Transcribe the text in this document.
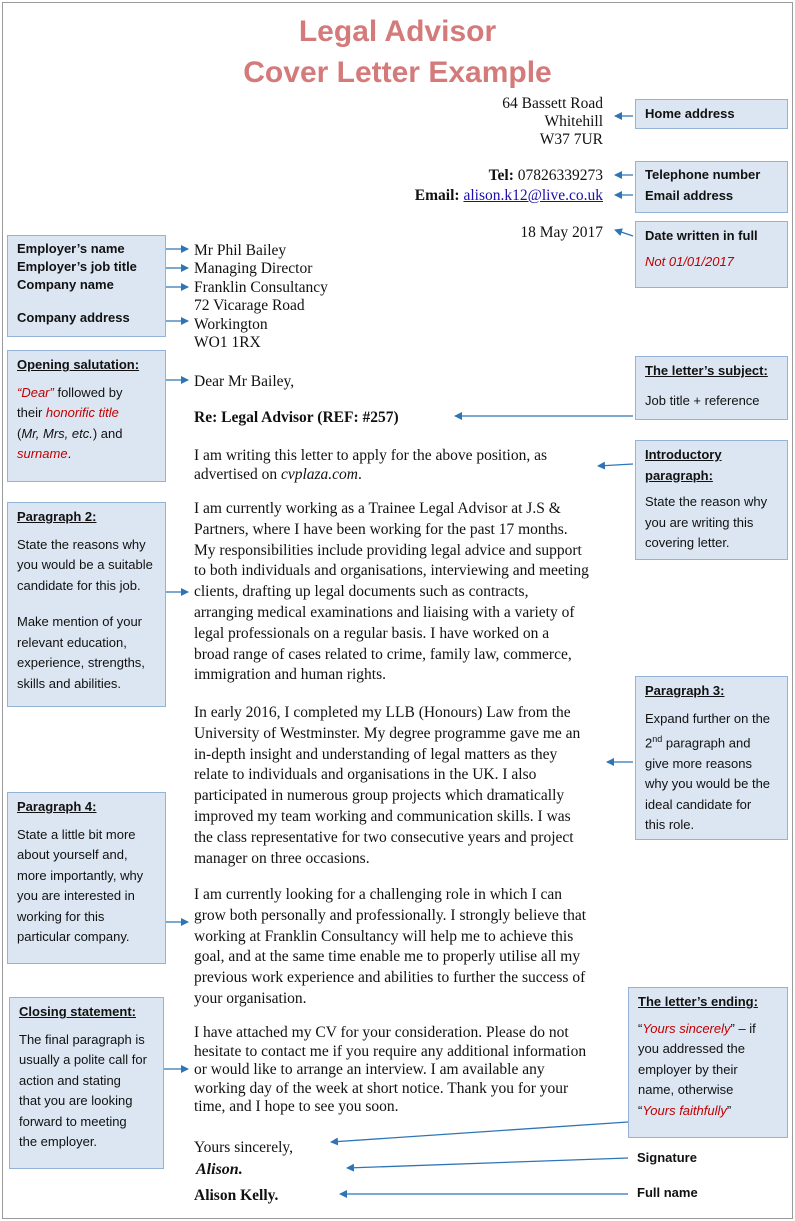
Legal Advisor
Cover Letter Example
64 Bassett Road
Whitehill
W37 7UR
Tel: 07826339273
Email: alison.k12@live.co.uk
18 May 2017
Mr Phil Bailey
Managing Director
Franklin Consultancy
72 Vicarage Road
Workington
WO1 1RX
Dear Mr Bailey,
Re: Legal Advisor (REF: #257)
I am writing this letter to apply for the above position, as
advertised on cvplaza.com.
I am currently working as a Trainee Legal Advisor at J.S &
Partners, where I have been working for the past 17 months.
My responsibilities include providing legal advice and support
to both individuals and organisations, interviewing and meeting
clients, drafting up legal documents such as contracts,
arranging medical examinations and liaising with a variety of
legal professionals on a regular basis. I have worked on a
broad range of cases related to crime, family law, commerce,
immigration and human rights.
In early 2016, I completed my LLB (Honours) Law from the
University of Westminster. My degree programme gave me an
in-depth insight and understanding of legal matters as they
relate to individuals and organisations in the UK. I also
participated in numerous group projects which dramatically
improved my team working and communication skills. I was
the class representative for two consecutive years and project
manager on three occasions.
I am currently looking for a challenging role in which I can
grow both personally and professionally. I strongly believe that
working at Franklin Consultancy will help me to achieve this
goal, and at the same time enable me to properly utilise all my
previous work experience and abilities to further the success of
your organisation.
I have attached my CV for your consideration. Please do not
hesitate to contact me if you require any additional information
or would like to arrange an interview. I am available any
working day of the week at short notice. Thank you for your
time, and I hope to see you soon.
Yours sincerely,
Alison.
Alison Kelly.
Home address
Telephone number
Email address
Date written in full
Not 01/01/2017
Employer’s name
Employer’s job title
Company name
Company address
Opening salutation:
“Dear” followed by
their honorific title
(Mr, Mrs, etc.) and
surname.
The letter’s subject:
Job title + reference
Introductory
paragraph:
State the reason why
you are writing this
covering letter.
Paragraph 2:
State the reasons why
you would be a suitable
candidate for this job.
Make mention of your
relevant education,
experience, strengths,
skills and abilities.	Paragraph 3:
Expand further on the
2nd paragraph and
give more reasons
why you would be the
ideal candidate for
this role.
Paragraph 4:
State a little bit more
about yourself and,
more importantly, why
you are interested in
working for this
particular company.
Closing statement:
The final paragraph is
usually a polite call for
action and stating
that you are looking
forward to meeting
the employer.
The letter’s ending:
“Yours sincerely” – if
you addressed the
employer by their
name, otherwise
“Yours faithfully”
Signature
Full name
